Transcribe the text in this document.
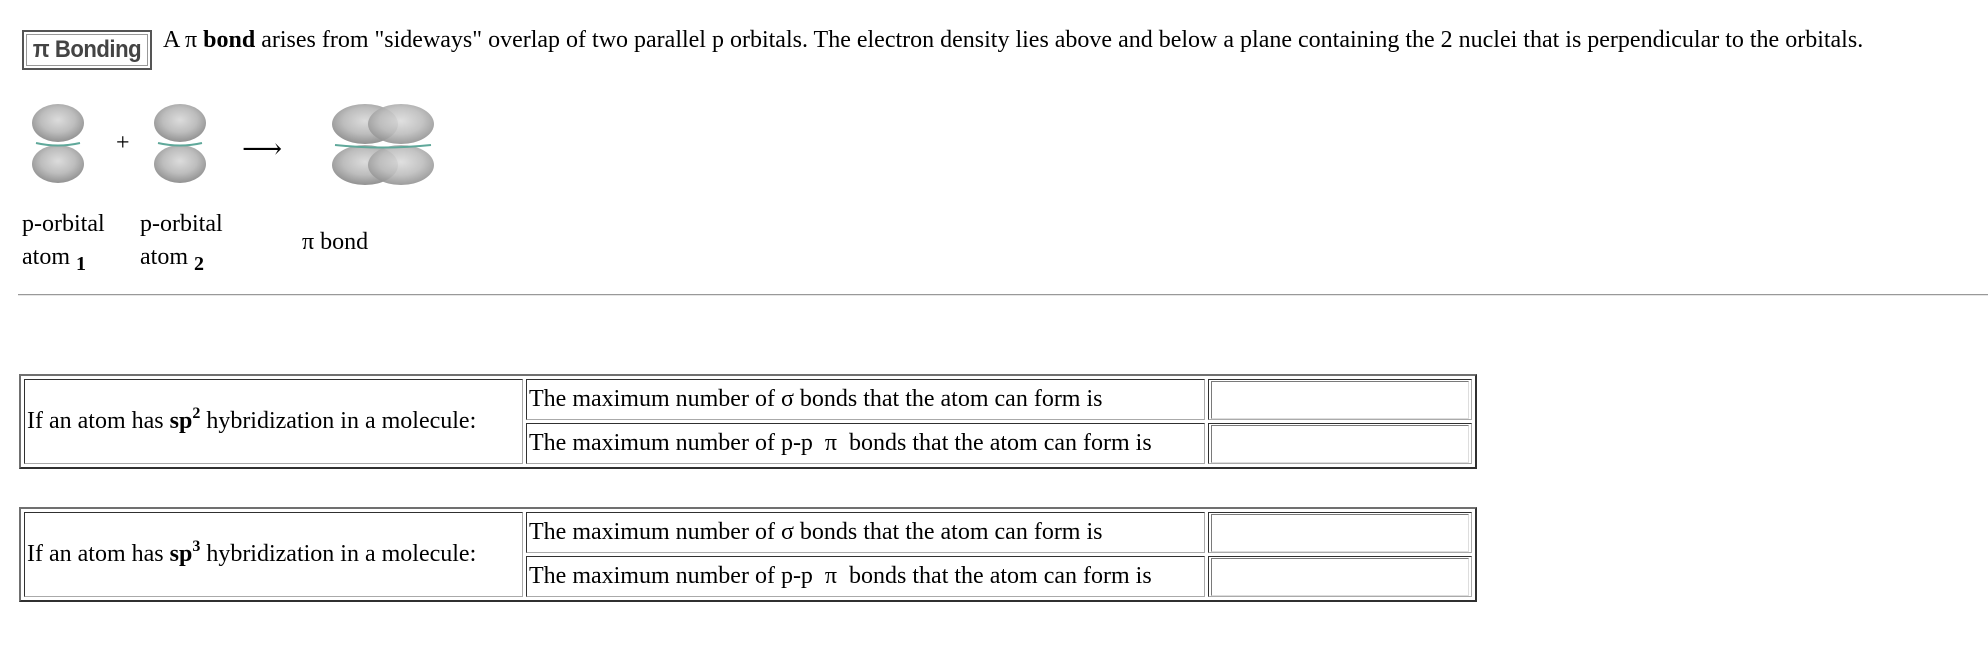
π Bonding A π bond arises from "sideways" overlap of two parallel p orbitals. The electron density lies above and below a plane containing the 2 nuclei that is perpendicular to the orbitals.
+	⟶
p-orbital
atom $_1$
p-orbital
atom $_2$
π bond
If an atom has $sp^2$ hybridization in a molecule:	The maximum number of σ bonds that the atom can form is	
	The maximum number of p-p  π  bonds that the atom can form is	
If an atom has $sp^3$ hybridization in a molecule:	The maximum number of σ bonds that the atom can form is	
	The maximum number of p-p  π  bonds that the atom can form is	
